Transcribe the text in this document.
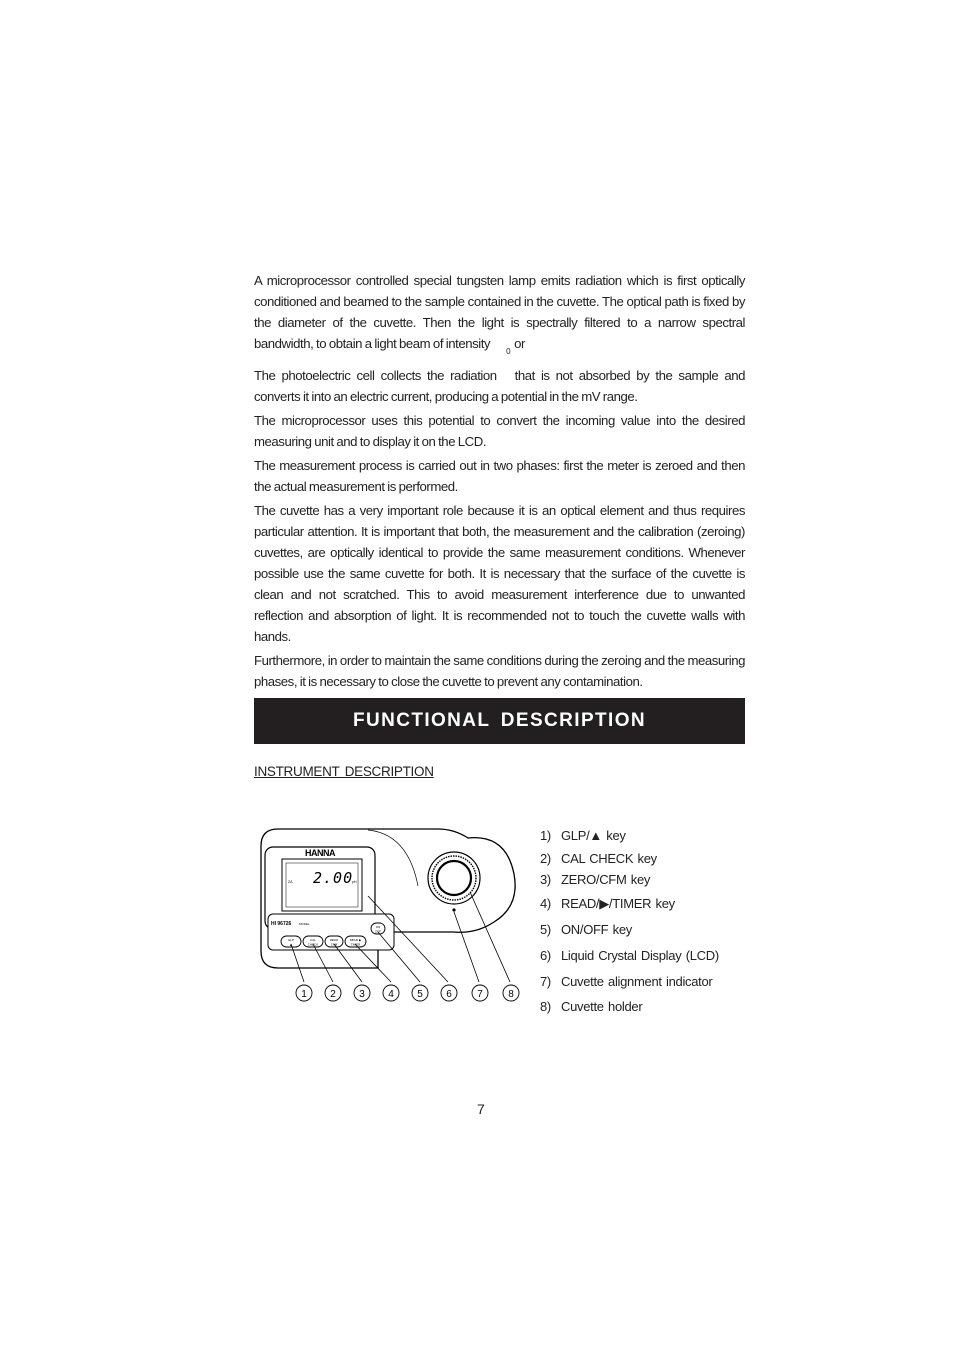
A microprocessor controlled special tungsten lamp emits radiation which is first optically conditioned and beamed to the sample contained in the cuvette. The optical path is fixed by the diameter of the cuvette. Then the light is spectrally filtered to a narrow spectral bandwidth, to obtain a light beam of intensity$_0$or

The photoelectric cell collects the radiation that is not absorbed by the sample and converts it into an electric current, producing a potential in the mV range.

The microprocessor uses this potential to convert the incoming value into the desired measuring unit and to display it on the LCD.

The measurement process is carried out in two phases: first the meter is zeroed and then the actual measurement is performed.

The cuvette has a very important role because it is an optical element and thus requires particular attention. It is important that both, the measurement and the calibration (zeroing) cuvettes, are optically identical to provide the same measurement conditions. Whenever possible use the same cuvette for both. It is necessary that the surface of the cuvette is clean and not scratched. This to avoid measurement interference due to unwanted reflection and absorption of light. It is recommended not to touch the cuvette walls with hands.

Furthermore, in order to maintain the same conditions during the zeroing and the measuring phases, it is necessary to close the cuvette to prevent any contamination.

FUNCTIONAL DESCRIPTION
INSTRUMENT DESCRIPTION
HANNA
2.00
ZA	pH
HI 96726	MODEL
GLP
▲
CAL
CHECK
ZERO
CFM
READ ▶
TIMER
ON
OFF
1 2 3 4 5 6	7	8
1) GLP/▲ key
2) CAL CHECK key
3) ZERO/CFM key
4) READ/▶/TIMER key
5) ON/OFF key
6) Liquid Crystal Display (LCD)
7) Cuvette alignment indicator
8) Cuvette holder
7
